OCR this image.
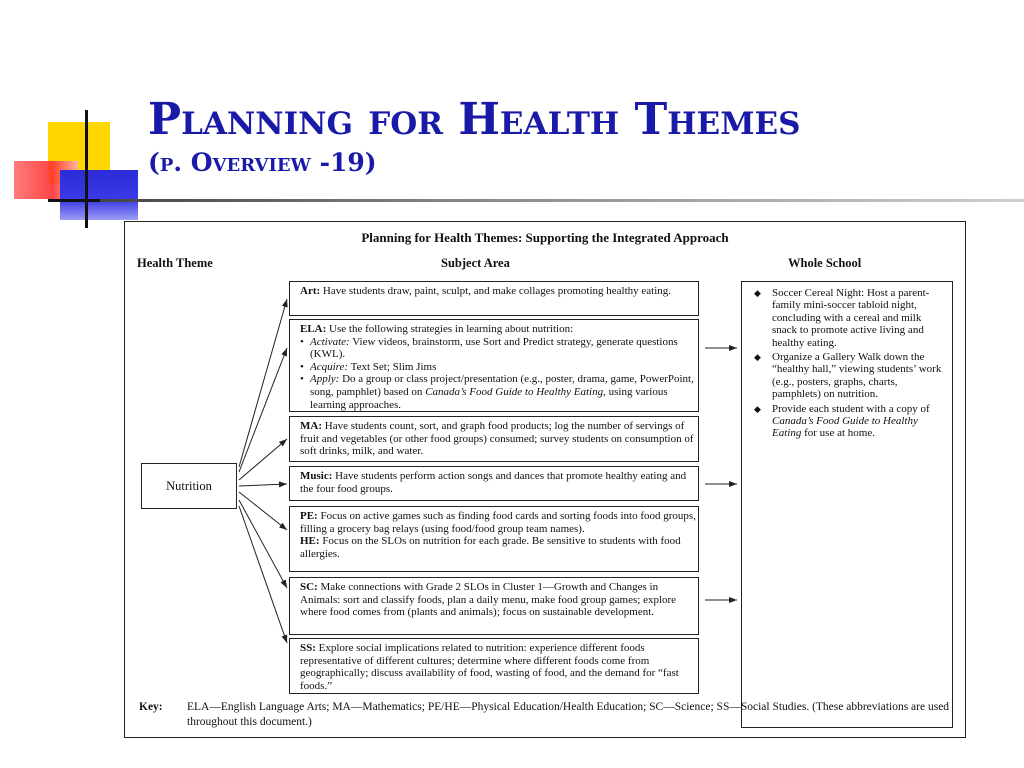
Planning for Health Themes
(p. Overview -19)
Planning for Health Themes: Supporting the Integrated Approach
Health Theme	Subject Area	Whole School
Nutrition

Art: Have students draw, paint, sculpt, and make collages promoting healthy eating.

ELA: Use the following strategies in learning about nutrition:

• Activate: View videos, brainstorm, use Sort and Predict strategy, generate questions (KWL).
• Acquire: Text Set; Slim Jims
• Apply: Do a group or class project/presentation (e.g., poster, drama, game, PowerPoint, song, pamphlet) based on Canada’s Food Guide to Healthy Eating, using various learning approaches.

MA: Have students count, sort, and graph food products; log the number of servings of fruit and vegetables (or other food groups) consumed; survey students on consumption of soft drinks, milk, and water.

Music: Have students perform action songs and dances that promote healthy eating and the four food groups.

PE: Focus on active games such as finding food cards and sorting foods into food groups, filling a grocery bag relays (using food/food group team names).

HE: Focus on the SLOs on nutrition for each grade. Be sensitive to students with food allergies.

SC: Make connections with Grade 2 SLOs in Cluster 1—Growth and Changes in Animals: sort and classify foods, plan a daily menu, make food group games; explore where food comes from (plants and animals); focus on sustainable development.

SS: Explore social implications related to nutrition: experience different foods representative of different cultures; determine where different foods come from geographically; discuss availability of food, wasting of food, and the demand for “fast foods.”

◆ Soccer Cereal Night: Host a parent-family mini-soccer tabloid night, concluding with a cereal and milk snack to promote active living and healthy eating.
◆ Organize a Gallery Walk down the “healthy hall,” viewing students’ work (e.g., posters, graphs, charts, pamphlets) on nutrition.
◆ Provide each student with a copy of Canada’s Food Guide to Healthy Eating for use at home.
Key: ELA—English Language Arts; MA—Mathematics; PE/HE—Physical Education/Health Education; SC—Science; SS—Social Studies. (These abbreviations are used throughout this document.)
